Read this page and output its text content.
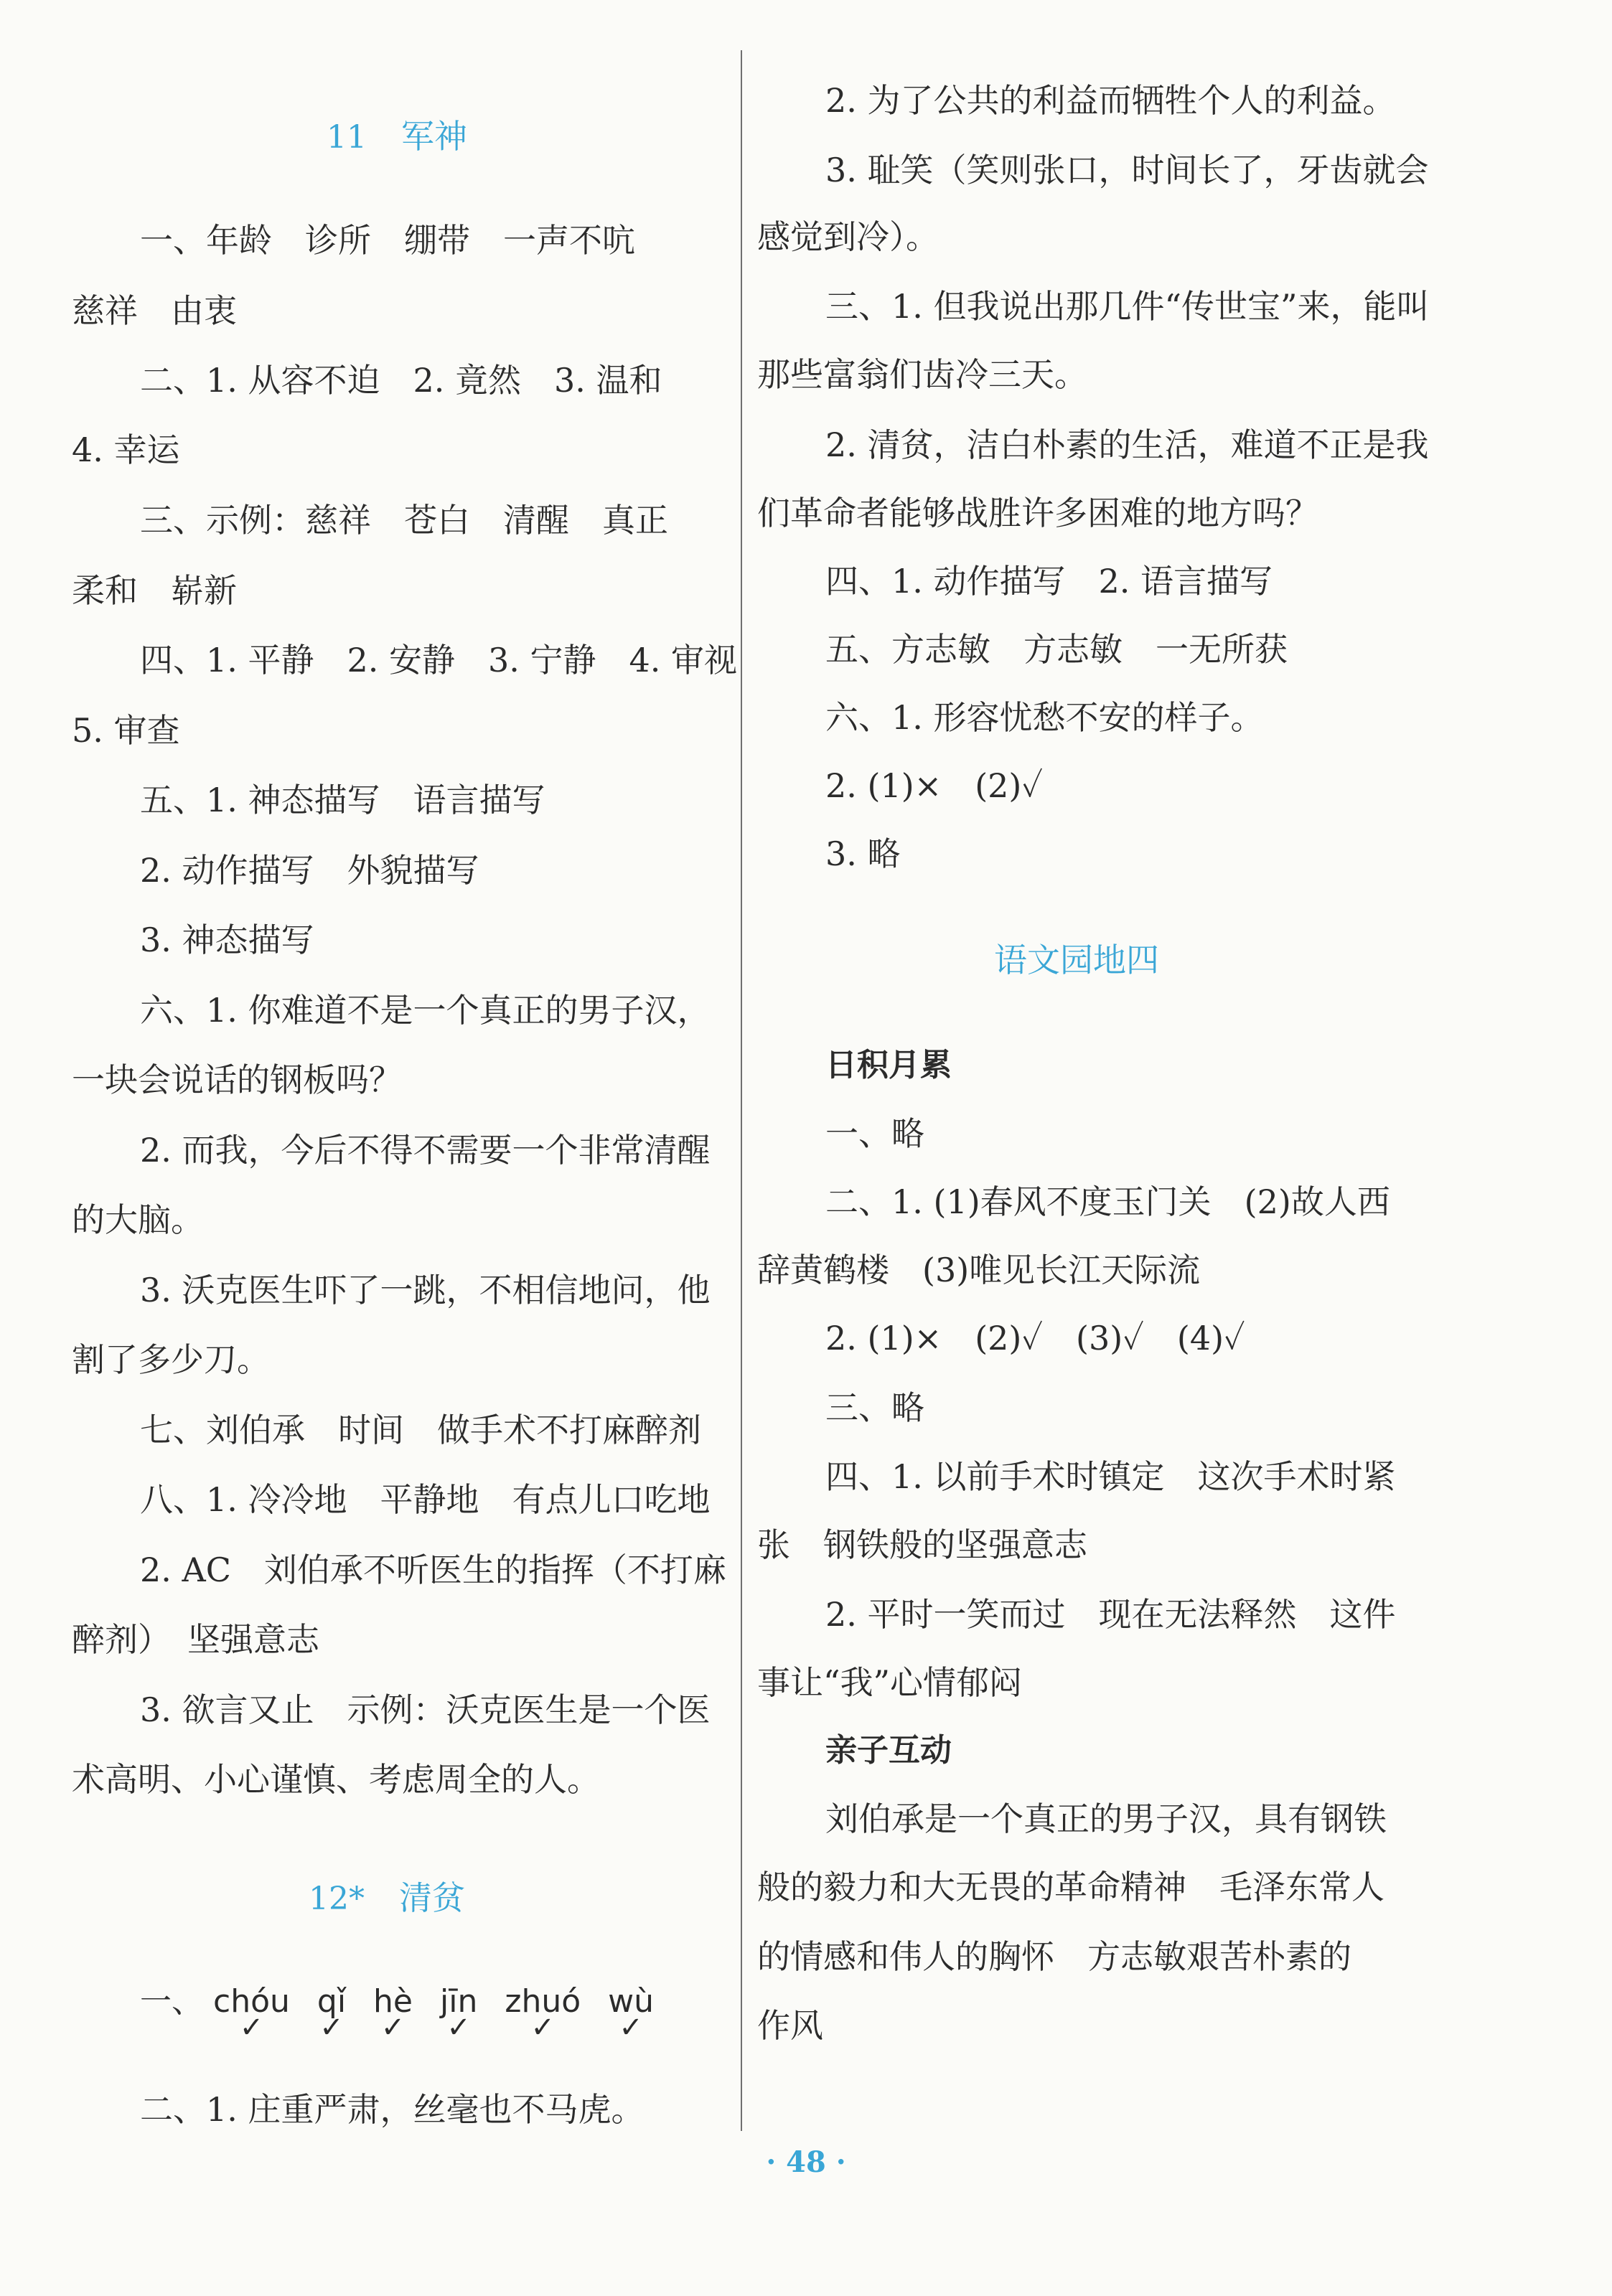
11 军神
一、年龄　诊所　绷带　一声不吭
慈祥　由衷
二、1. 从容不迫　2. 竟然　3. 温和
4. 幸运
三、示例：慈祥　苍白　清醒　真正
柔和　崭新
四、1. 平静　2. 安静　3. 宁静　4. 审视
5. 审查
五、1. 神态描写　语言描写
2. 动作描写　外貌描写
3. 神态描写
六、1. 你难道不是一个真正的男子汉，
一块会说话的钢板吗？
2. 而我，今后不得不需要一个非常清醒
的大脑。
3. 沃克医生吓了一跳，不相信地问，他
割了多少刀。
七、刘伯承　时间　做手术不打麻醉剂
八、1. 冷冷地　平静地　有点儿口吃地
2. AC　刘伯承不听医生的指挥（不打麻
醉剂）　坚强意志
3. 欲言又止　示例：沃克医生是一个医
术高明、小心谨慎、考虑周全的人。
12* 清贫
一、 chóu
✓
qǐ
✓
hè
✓
jīn
✓
zhuó
✓
wù
✓
二、1. 庄重严肃，丝毫也不马虎。
2. 为了公共的利益而牺牲个人的利益。
3. 耻笑（笑则张口，时间长了，牙齿就会
感觉到冷）。
三、1. 但我说出那几件“传世宝”来，能叫
那些富翁们齿冷三天。
2. 清贫，洁白朴素的生活，难道不正是我
们革命者能够战胜许多困难的地方吗？
四、1. 动作描写　2. 语言描写
五、方志敏　方志敏　一无所获
六、1. 形容忧愁不安的样子。
2. (1)×　(2)✓
3. 略
语文园地四
日积月累
一、略
二、1. (1)春风不度玉门关　(2)故人西
辞黄鹤楼　(3)唯见长江天际流
2. (1)×　(2)✓　(3)✓　(4)✓
三、略
四、1. 以前手术时镇定　这次手术时紧
张　钢铁般的坚强意志
2. 平时一笑而过　现在无法释然　这件
事让“我”心情郁闷
亲子互动
刘伯承是一个真正的男子汉，具有钢铁
般的毅力和大无畏的革命精神　毛泽东常人
的情感和伟人的胸怀　方志敏艰苦朴素的
作风
· 48 ·
